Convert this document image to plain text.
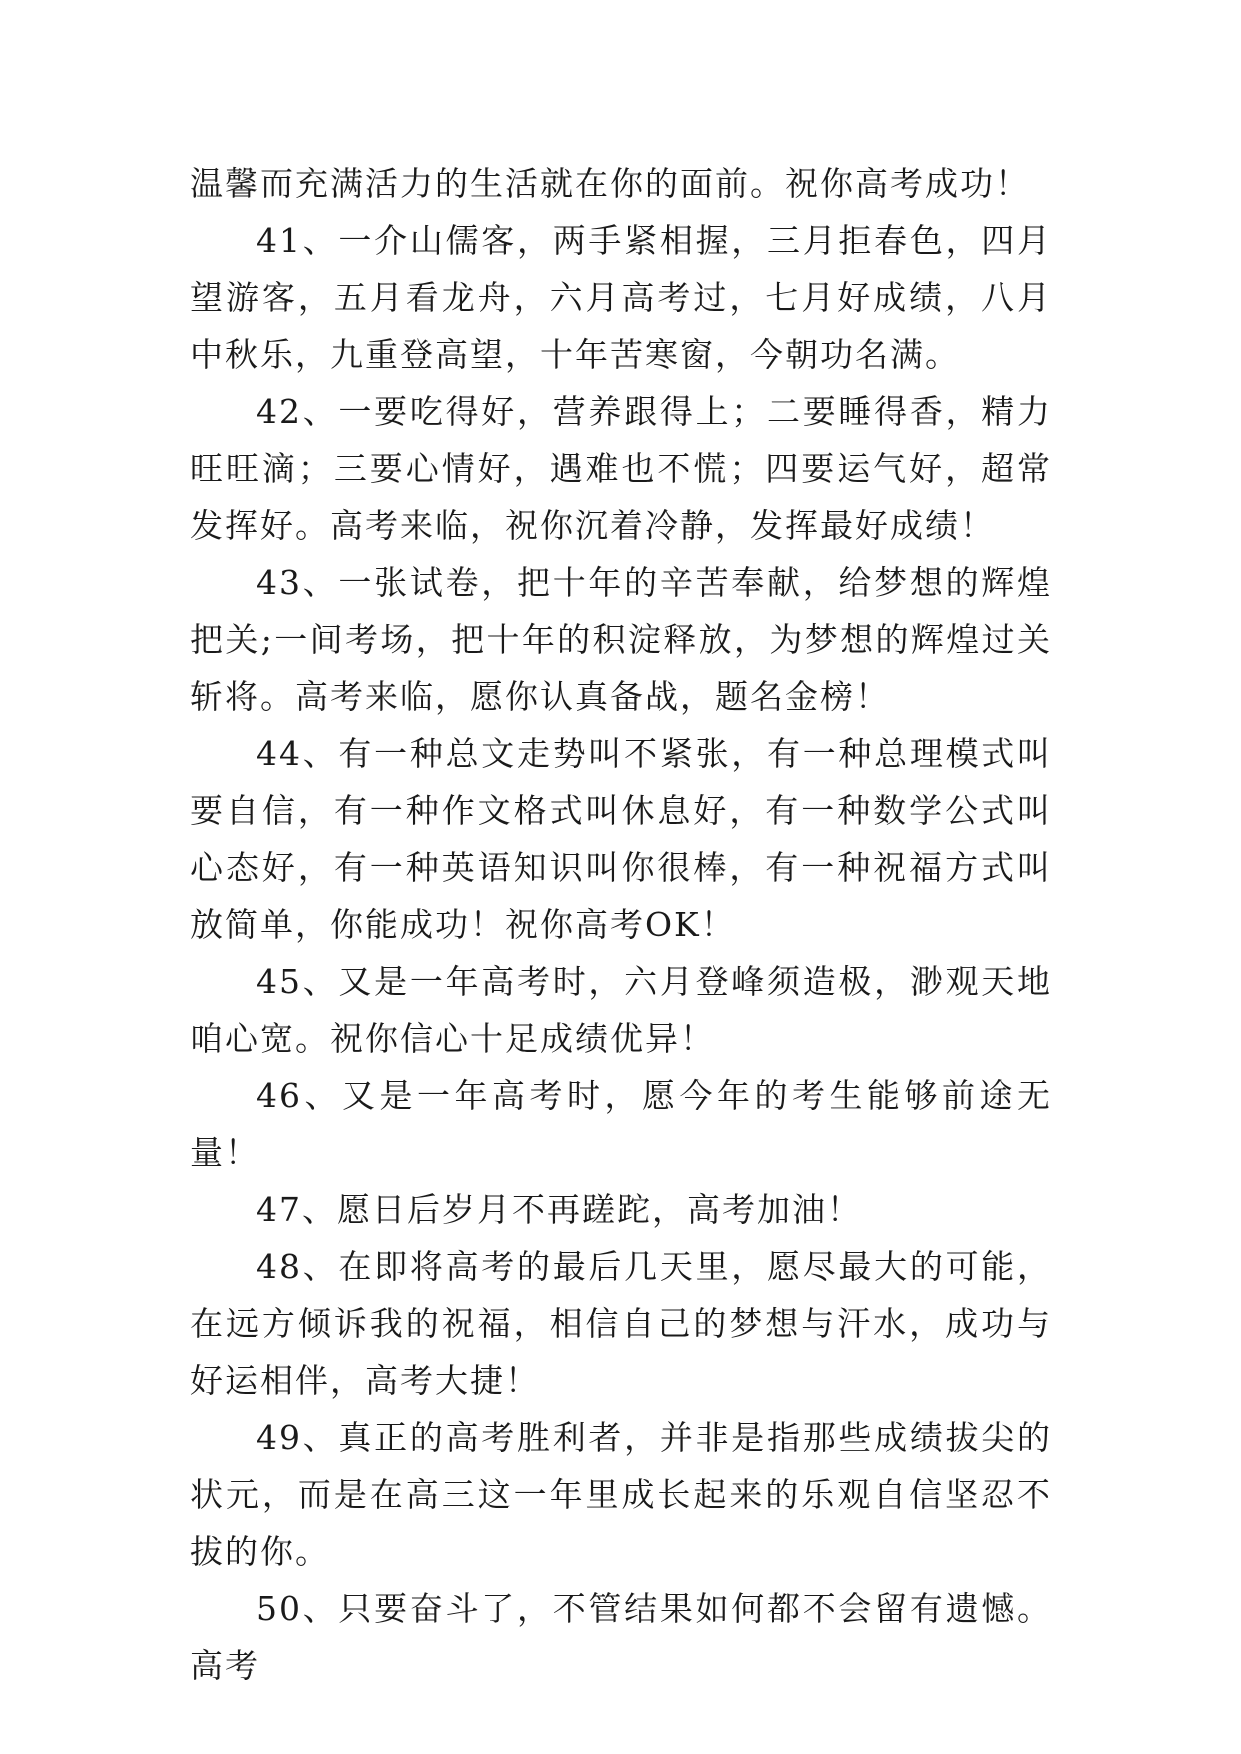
温馨而充满活力的生活就在你的面前。祝你高考成功！

41、一介山儒客，两手紧相握，三月拒春色，四月望游客，五月看龙舟，六月高考过，七月好成绩，八月中秋乐，九重登高望，十年苦寒窗，今朝功名满。

42、一要吃得好，营养跟得上；二要睡得香，精力旺旺滴；三要心情好，遇难也不慌；四要运气好，超常发挥好。高考来临，祝你沉着冷静，发挥最好成绩！

43、一张试卷，把十年的辛苦奉献，给梦想的辉煌把关;一间考场，把十年的积淀释放，为梦想的辉煌过关斩将。高考来临，愿你认真备战，题名金榜！

44、有一种总文走势叫不紧张，有一种总理模式叫要自信，有一种作文格式叫休息好，有一种数学公式叫心态好，有一种英语知识叫你很棒，有一种祝福方式叫放简单，你能成功！祝你高考OK！

45、又是一年高考时，六月登峰须造极，渺观天地咱心宽。祝你信心十足成绩优异！

46、又是一年高考时，愿今年的考生能够前途无量！

47、愿日后岁月不再蹉跎，高考加油！

48、在即将高考的最后几天里，愿尽最大的可能，在远方倾诉我的祝福，相信自己的梦想与汗水，成功与好运相伴，高考大捷！

49、真正的高考胜利者，并非是指那些成绩拔尖的状元，而是在高三这一年里成长起来的乐观自信坚忍不拔的你。

50、只要奋斗了，不管结果如何都不会留有遗憾。高考
